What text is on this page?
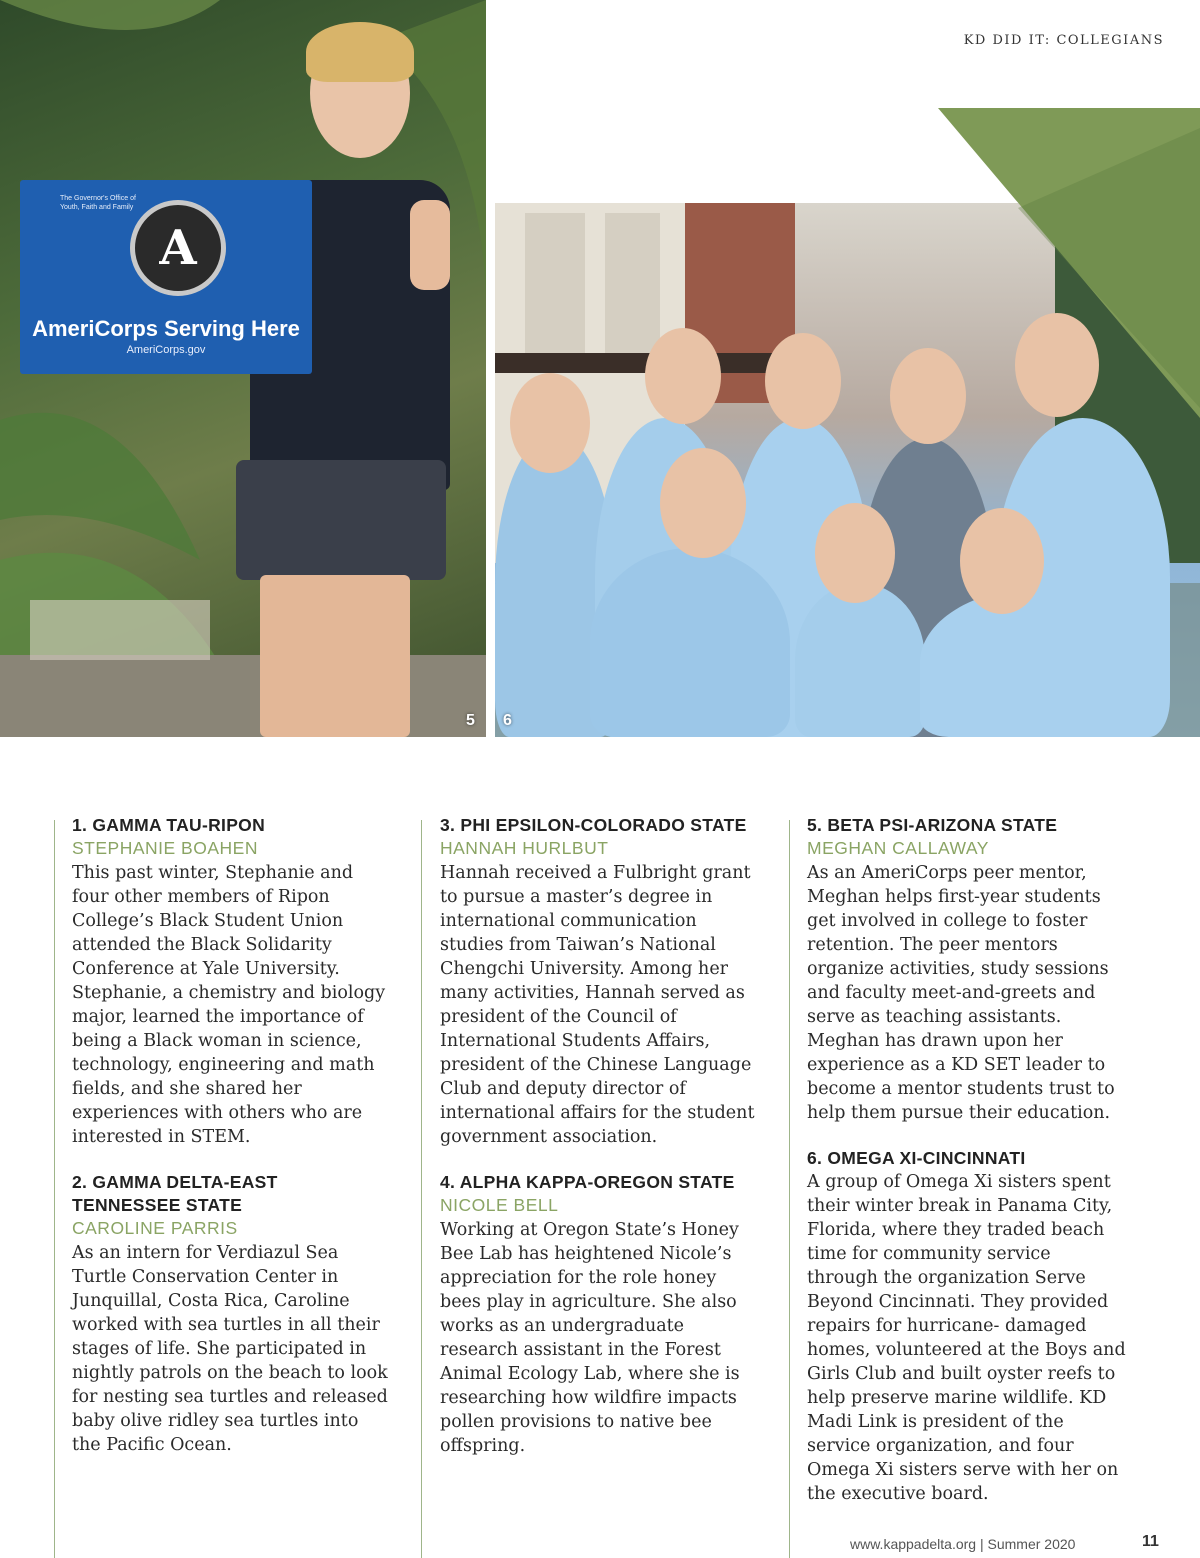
The Governor's Office of Youth, Faith and Family
A
AmeriCorps Serving Here
AmeriCorps.gov
5 6
KD DID IT: COLLEGIANS
1. GAMMA TAU-RIPON
STEPHANIE BOAHEN
This past winter, Stephanie and four other members of Ripon College’s Black Student Union attended the Black Solidarity Conference at Yale University. Stephanie, a chemistry and biology major, learned the importance of being a Black woman in science, technology, engineering and math fields, and she shared her experiences with others who are interested in STEM.
2. GAMMA DELTA-EAST TENNESSEE STATE
CAROLINE PARRIS
As an intern for Verdiazul Sea Turtle Conservation Center in Junquillal, Costa Rica, Caroline worked with sea turtles in all their stages of life. She participated in nightly patrols on the beach to look for nesting sea turtles and released baby olive ridley sea turtles into the Pacific Ocean.
3. PHI EPSILON-COLORADO STATE
HANNAH HURLBUT
Hannah received a Fulbright grant to pursue a master’s degree in international communication studies from Taiwan’s National Chengchi University. Among her many activities, Hannah served as president of the Council of International Students Affairs, president of the Chinese Language Club and deputy director of international affairs for the student government association.
4. ALPHA KAPPA-OREGON STATE
NICOLE BELL
Working at Oregon State’s Honey Bee Lab has heightened Nicole’s appreciation for the role honey bees play in agriculture. She also works as an undergraduate research assistant in the Forest Animal Ecology Lab, where she is researching how wildfire impacts pollen provisions to native bee offspring.
5. BETA PSI-ARIZONA STATE
MEGHAN CALLAWAY
As an AmeriCorps peer mentor, Meghan helps first-year students get involved in college to foster retention. The peer mentors organize activities, study sessions and faculty meet-and-greets and serve as teaching assistants. Meghan has drawn upon her experience as a KD SET leader to become a mentor students trust to help them pursue their education.
6. OMEGA XI-CINCINNATI
A group of Omega Xi sisters spent their winter break in Panama City, Florida, where they traded beach time for community service through the organization Serve Beyond Cincinnati. They provided repairs for hurricane- damaged homes, volunteered at the Boys and Girls Club and built oyster reefs to help preserve marine wildlife. KD Madi Link is president of the service organization, and four Omega Xi sisters serve with her on the executive board.
www.kappadelta.org | Summer 2020	11
